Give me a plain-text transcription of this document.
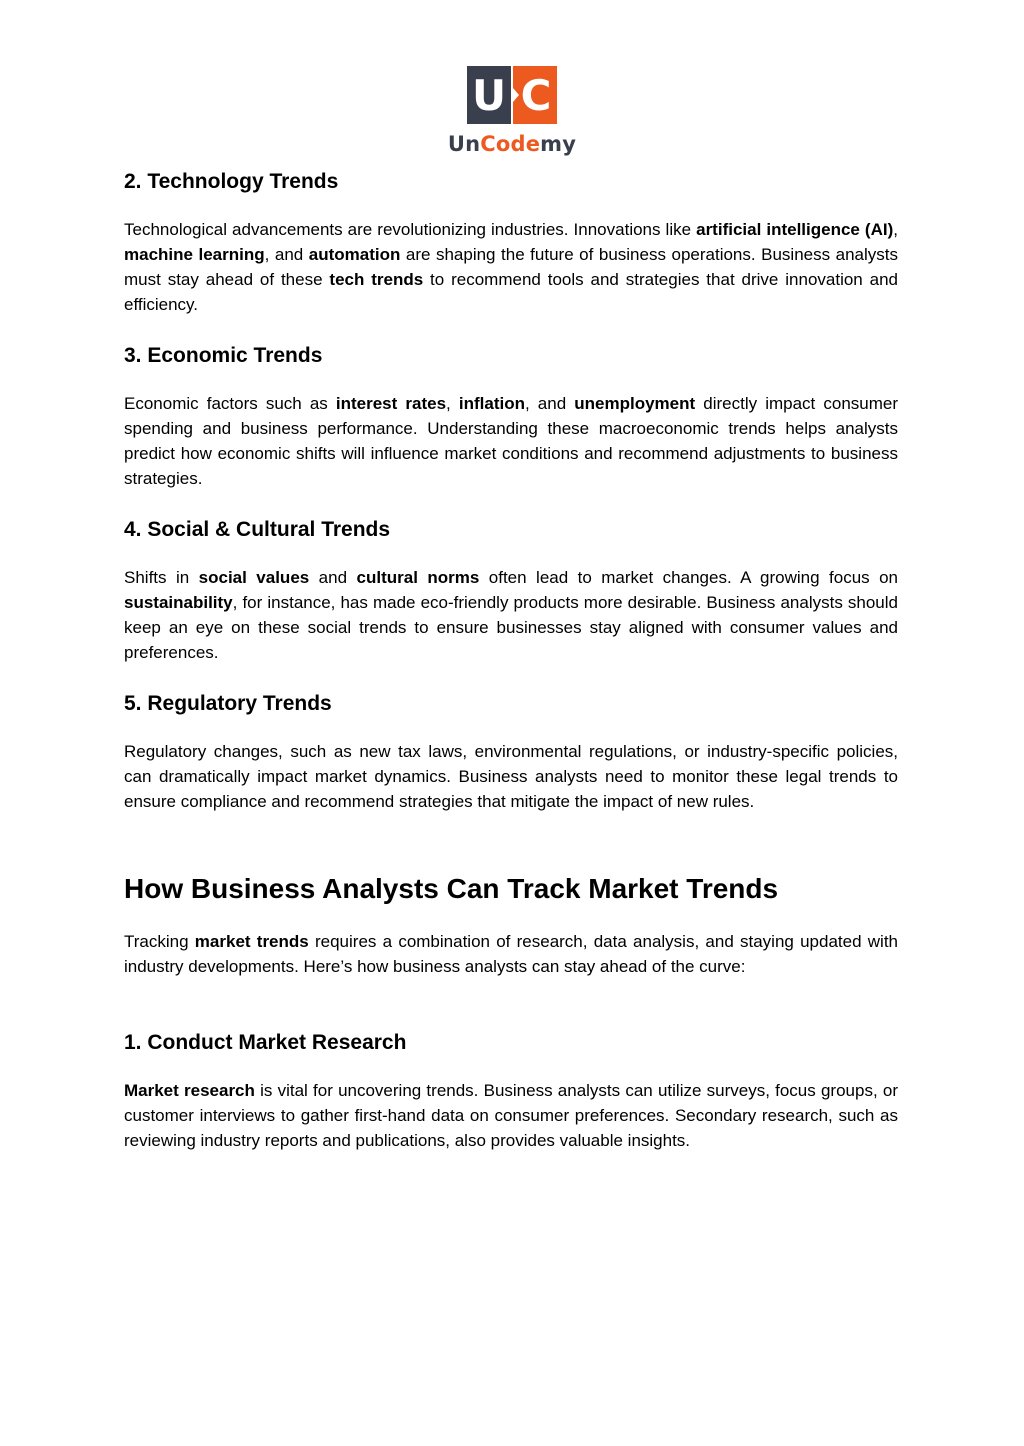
U C
UnCodemy
2. Technology Trends

Technological advancements are revolutionizing industries. Innovations like artificial intelligence (AI), machine learning, and automation are shaping the future of business operations. Business analysts must stay ahead of these tech trends to recommend tools and strategies that drive innovation and efficiency.

3. Economic Trends

Economic factors such as interest rates, inflation, and unemployment directly impact consumer spending and business performance. Understanding these macroeconomic trends helps analysts predict how economic shifts will influence market conditions and recommend adjustments to business strategies.

4. Social & Cultural Trends

Shifts in social values and cultural norms often lead to market changes. A growing focus on sustainability, for instance, has made eco-friendly products more desirable. Business analysts should keep an eye on these social trends to ensure businesses stay aligned with consumer values and preferences.

5. Regulatory Trends

Regulatory changes, such as new tax laws, environmental regulations, or industry-specific policies, can dramatically impact market dynamics. Business analysts need to monitor these legal trends to ensure compliance and recommend strategies that mitigate the impact of new rules.

How Business Analysts Can Track Market Trends

Tracking market trends requires a combination of research, data analysis, and staying updated with industry developments. Here’s how business analysts can stay ahead of the curve:

1. Conduct Market Research

Market research is vital for uncovering trends. Business analysts can utilize surveys, focus groups, or customer interviews to gather first-hand data on consumer preferences. Secondary research, such as reviewing industry reports and publications, also provides valuable insights.
